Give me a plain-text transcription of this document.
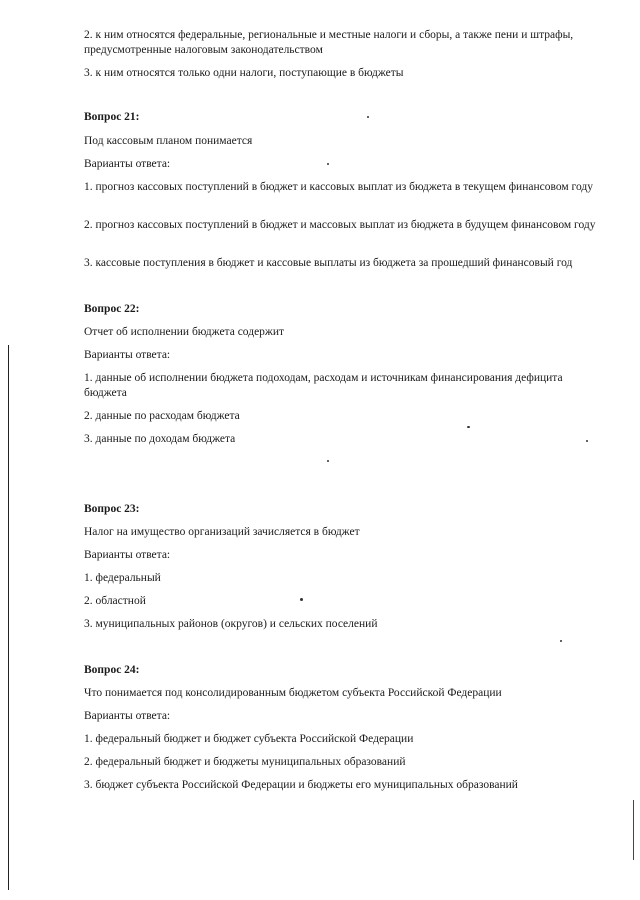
2. к ним относятся федеральные, региональные и местные налоги и сборы, а также пени и штрафы, предусмотренные налоговым законодательством

3. к ним относятся только одни налоги, поступающие в бюджеты

Вопрос 21:

Под кассовым планом понимается

Варианты ответа:

1. прогноз кассовых поступлений в бюджет и кассовых выплат из бюджета в текущем финансовом году

2. прогноз кассовых поступлений в бюджет и массовых выплат из бюджета в будущем финансовом году

3. кассовые поступления в бюджет и кассовые выплаты из бюджета за прошедший финансовый год

Вопрос 22:

Отчет об исполнении бюджета содержит

Варианты ответа:

1. данные об исполнении бюджета подоходам, расходам и источникам финансирования дефицита бюджета

2. данные по расходам бюджета

3. данные по доходам бюджета

Вопрос 23:

Налог на имущество организаций зачисляется в бюджет

Варианты ответа:

1. федеральный

2. областной

3. муниципальных районов (округов) и сельских поселений

Вопрос 24:

Что понимается под консолидированным бюджетом субъекта Российской Федерации

Варианты ответа:

1. федеральный бюджет и бюджет субъекта Российской Федерации

2. федеральный бюджет и бюджеты муниципальных образований

3. бюджет субъекта Российской Федерации и бюджеты его муниципальных образований
